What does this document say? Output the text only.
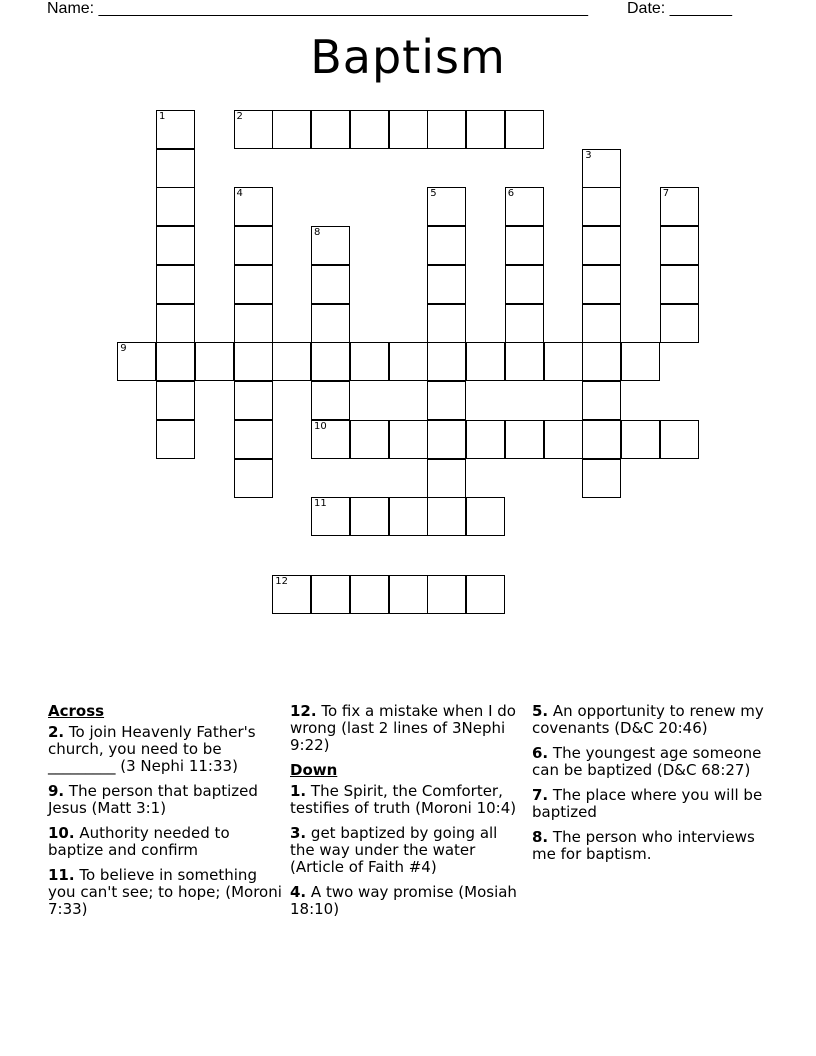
Name: _______________________________________________________ Date: _______
Baptism
1	2
3
4	5	6	7
8
9
10
11
12
Across
2. To join Heavenly Father's church, you need to be _________ (3 Nephi 11:33)
9. The person that baptized Jesus (Matt 3:1)
10. Authority needed to baptize and confirm
11. To believe in something you can't see; to hope; (Moroni 7:33)
12. To fix a mistake when I do wrong (last 2 lines of 3Nephi 9:22)
Down
1. The Spirit, the Comforter, testifies of truth (Moroni 10:4)
3. get baptized by going all the way under the water (Article of Faith #4)
4. A two way promise (Mosiah 18:10)
5. An opportunity to renew my covenants (D&C 20:46)
6. The youngest age someone can be baptized (D&C 68:27)
7. The place where you will be baptized
8. The person who interviews me for baptism.
